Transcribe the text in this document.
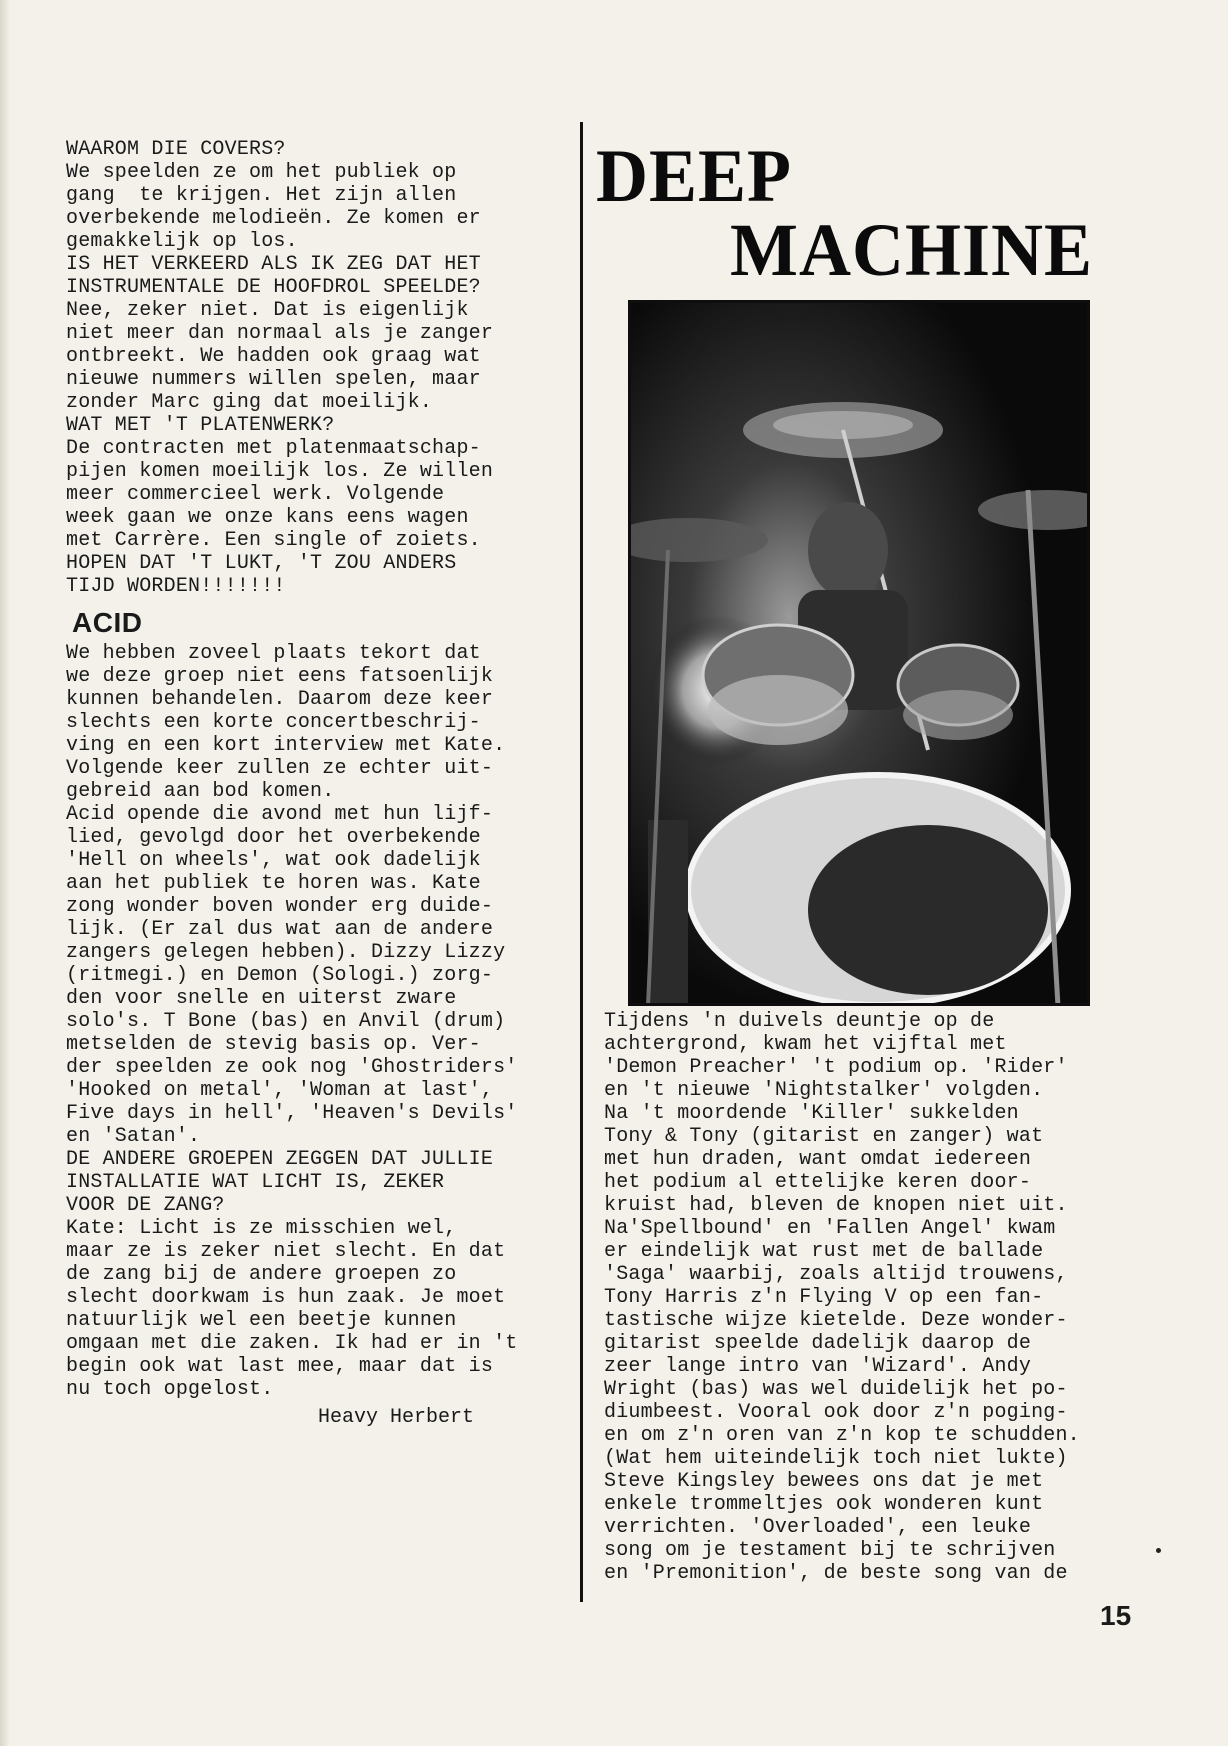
WAAROM DIE COVERS?
We speelden ze om het publiek op
gang  te krijgen. Het zijn allen
overbekende melodieën. Ze komen er
gemakkelijk op los.
IS HET VERKEERD ALS IK ZEG DAT HET
INSTRUMENTALE DE HOOFDROL SPEELDE?
Nee, zeker niet. Dat is eigenlijk
niet meer dan normaal als je zanger
ontbreekt. We hadden ook graag wat
nieuwe nummers willen spelen, maar
zonder Marc ging dat moeilijk.
WAT MET 'T PLATENWERK?
De contracten met platenmaatschap-
pijen komen moeilijk los. Ze willen
meer commercieel werk. Volgende
week gaan we onze kans eens wagen
met Carrère. Een single of zoiets.
HOPEN DAT 'T LUKT, 'T ZOU ANDERS
TIJD WORDEN!!!!!!!
ACID
We hebben zoveel plaats tekort dat
we deze groep niet eens fatsoenlijk
kunnen behandelen. Daarom deze keer
slechts een korte concertbeschrij-
ving en een kort interview met Kate.
Volgende keer zullen ze echter uit-
gebreid aan bod komen.
Acid opende die avond met hun lijf-
lied, gevolgd door het overbekende
'Hell on wheels', wat ook dadelijk
aan het publiek te horen was. Kate
zong wonder boven wonder erg duide-
lijk. (Er zal dus wat aan de andere
zangers gelegen hebben). Dizzy Lizzy
(ritmegi.) en Demon (Sologi.) zorg-
den voor snelle en uiterst zware
solo's. T Bone (bas) en Anvil (drum)
metselden de stevig basis op. Ver-
der speelden ze ook nog 'Ghostriders'
'Hooked on metal', 'Woman at last',
Five days in hell', 'Heaven's Devils'
en 'Satan'.
DE ANDERE GROEPEN ZEGGEN DAT JULLIE
INSTALLATIE WAT LICHT IS, ZEKER
VOOR DE ZANG?
Kate: Licht is ze misschien wel,
maar ze is zeker niet slecht. En dat
de zang bij de andere groepen zo
slecht doorkwam is hun zaak. Je moet
natuurlijk wel een beetje kunnen
omgaan met die zaken. Ik had er in 't
begin ook wat last mee, maar dat is
nu toch opgelost.
Heavy Herbert
DEEP
MACHINE
Tijdens 'n duivels deuntje op de
achtergrond, kwam het vijftal met
'Demon Preacher' 't podium op. 'Rider'
en 't nieuwe 'Nightstalker' volgden.
Na 't moordende 'Killer' sukkelden
Tony & Tony (gitarist en zanger) wat
met hun draden, want omdat iedereen
het podium al ettelijke keren door-
kruist had, bleven de knopen niet uit.
Na'Spellbound' en 'Fallen Angel' kwam
er eindelijk wat rust met de ballade
'Saga' waarbij, zoals altijd trouwens,
Tony Harris z'n Flying V op een fan-
tastische wijze kietelde. Deze wonder-
gitarist speelde dadelijk daarop de
zeer lange intro van 'Wizard'. Andy
Wright (bas) was wel duidelijk het po-
diumbeest. Vooral ook door z'n poging-
en om z'n oren van z'n kop te schudden.
(Wat hem uiteindelijk toch niet lukte)
Steve Kingsley bewees ons dat je met
enkele trommeltjes ook wonderen kunt
verrichten. 'Overloaded', een leuke
song om je testament bij te schrijven
en 'Premonition', de beste song van de
15
